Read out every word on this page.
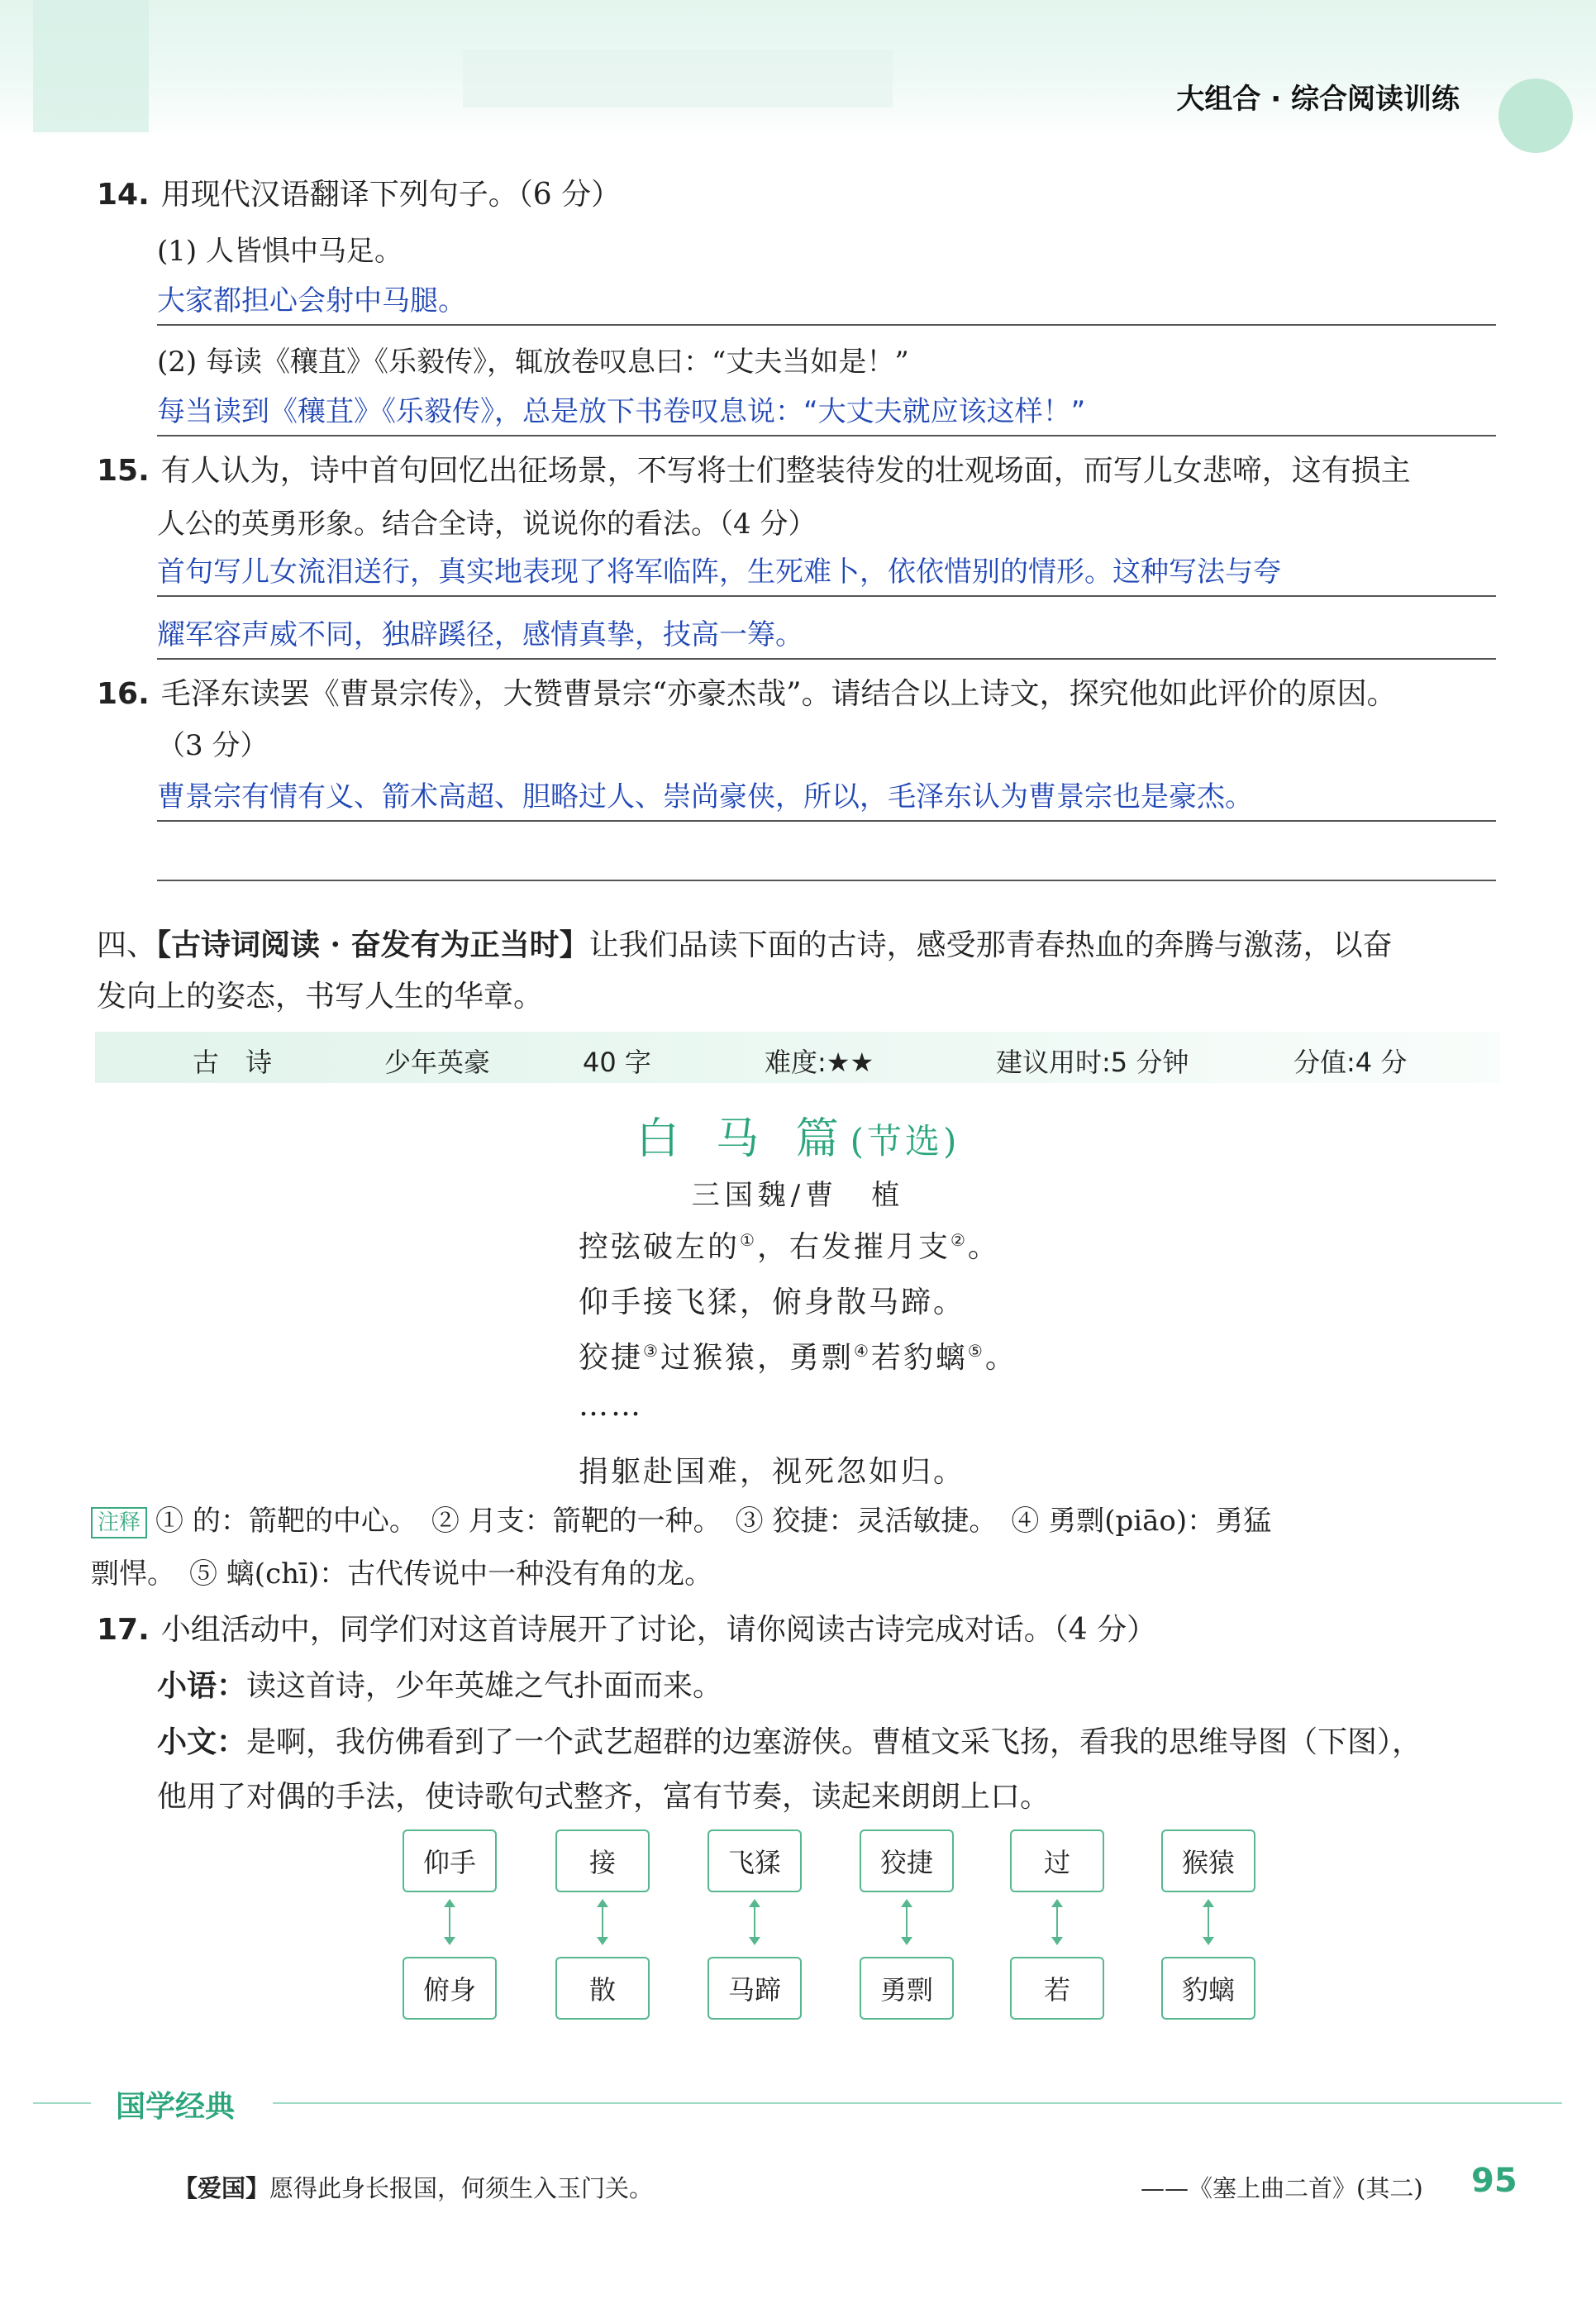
大组合 · 综合阅读训练
14. 用现代汉语翻译下列句子。（6 分）
(1) 人皆惧中马足。
大家都担心会射中马腿。
(2) 每读《穰苴》《乐毅传》，辄放卷叹息曰：“丈夫当如是！”
每当读到《穰苴》《乐毅传》，总是放下书卷叹息说：“大丈夫就应该这样！”
15. 有人认为，诗中首句回忆出征场景，不写将士们整装待发的壮观场面，而写儿女悲啼，这有损主
人公的英勇形象。结合全诗，说说你的看法。（4 分）
首句写儿女流泪送行，真实地表现了将军临阵，生死难卜，依依惜别的情形。这种写法与夸
耀军容声威不同，独辟蹊径，感情真挚，技高一筹。
16. 毛泽东读罢《曹景宗传》，大赞曹景宗“亦豪杰哉”。请结合以上诗文，探究他如此评价的原因。
（3 分）
曹景宗有情有义、箭术高超、胆略过人、崇尚豪侠，所以，毛泽东认为曹景宗也是豪杰。
四、【古诗词阅读 · 奋发有为正当时】让我们品读下面的古诗，感受那青春热血的奔腾与激荡，以奋
发向上的姿态，书写人生的华章。
古　诗	少年英豪	40 字	难度:★★	建议用时:5 分钟	分值:4 分
白 马 篇(节选)
三国魏/曹　植
控弦破左的①，右发摧月支②。
仰手接飞猱，俯身散马蹄。
狡捷③过猴猿，勇剽④若豹螭⑤。
……
捐躯赴国难，视死忽如归。
注释 ① 的：箭靶的中心。　② 月支：箭靶的一种。　③ 狡捷：灵活敏捷。　④ 勇剽(piāo)：勇猛
剽悍。　⑤ 螭(chī)：古代传说中一种没有角的龙。
17. 小组活动中，同学们对这首诗展开了讨论，请你阅读古诗完成对话。（4 分）
小语：读这首诗，少年英雄之气扑面而来。
小文：是啊，我仿佛看到了一个武艺超群的边塞游侠。曹植文采飞扬，看我的思维导图（下图），
他用了对偶的手法，使诗歌句式整齐，富有节奏，读起来朗朗上口。
仰手
俯身
接
散
飞猱
马蹄
狡捷
勇剽
过
若
猴猿
豹螭
国学经典
【爱国】愿得此身长报国，何须生入玉门关。	——《塞上曲二首》(其二) 95
